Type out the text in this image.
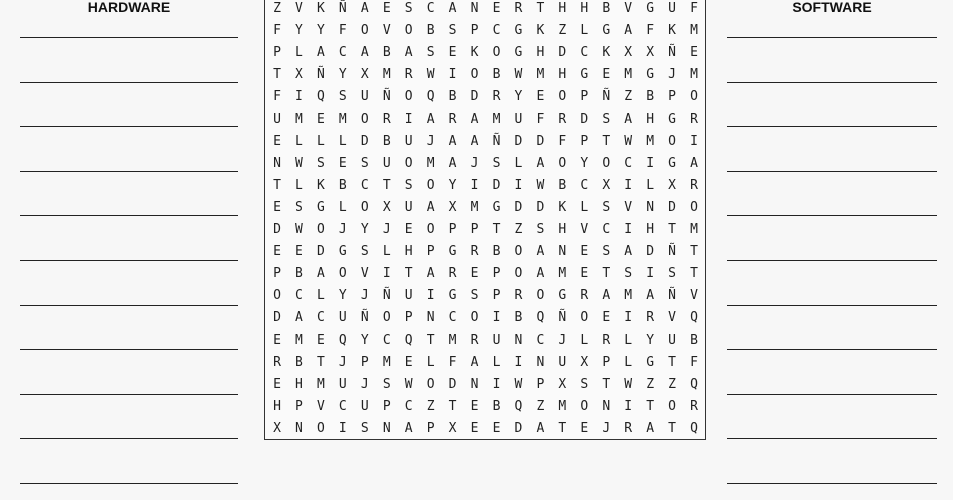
HARDWARE	SOFTWARE
Z	V	K	Ñ	A	E	S	C	A	N	E	R	T	H	H	B	V	G	U	F
F	Y	Y	F	O	V	O	B	S	P	C	G	K	Z	L	G	A	F	K	M
P	L	A	C	A	B	A	S	E	K	O	G	H	D	C	K	X	X	Ñ	E
T	X	Ñ	Y	X	M	R	W	I	O	B	W	M	H	G	E	M	G	J	M
F	I	Q	S	U	Ñ	O	Q	B	D	R	Y	E	O	P	Ñ	Z	B	P	O
U	M	E	M	O	R	I	A	R	A	M	U	F	R	D	S	A	H	G	R
E	L	L	L	D	B	U	J	A	A	Ñ	D	D	F	P	T	W	M	O	I
N	W	S	E	S	U	O	M	A	J	S	L	A	O	Y	O	C	I	G	A
T	L	K	B	C	T	S	O	Y	I	D	I	W	B	C	X	I	L	X	R
E	S	G	L	O	X	U	A	X	M	G	D	D	K	L	S	V	N	D	O
D	W	O	J	Y	J	E	O	P	P	T	Z	S	H	V	C	I	H	T	M
E	E	D	G	S	L	H	P	G	R	B	O	A	N	E	S	A	D	Ñ	T
P	B	A	O	V	I	T	A	R	E	P	O	A	M	E	T	S	I	S	T
O	C	L	Y	J	Ñ	U	I	G	S	P	R	O	G	R	A	M	A	Ñ	V
D	A	C	U	Ñ	O	P	N	C	O	I	B	Q	Ñ	O	E	I	R	V	Q
E	M	E	Q	Y	C	Q	T	M	R	U	N	C	J	L	R	L	Y	U	B
R	B	T	J	P	M	E	L	F	A	L	I	N	U	X	P	L	G	T	F
E	H	M	U	J	S	W	O	D	N	I	W	P	X	S	T	W	Z	Z	Q
H	P	V	C	U	P	C	Z	T	E	B	Q	Z	M	O	N	I	T	O	R
X	N	O	I	S	N	A	P	X	E	E	D	A	T	E	J	R	A	T	Q
